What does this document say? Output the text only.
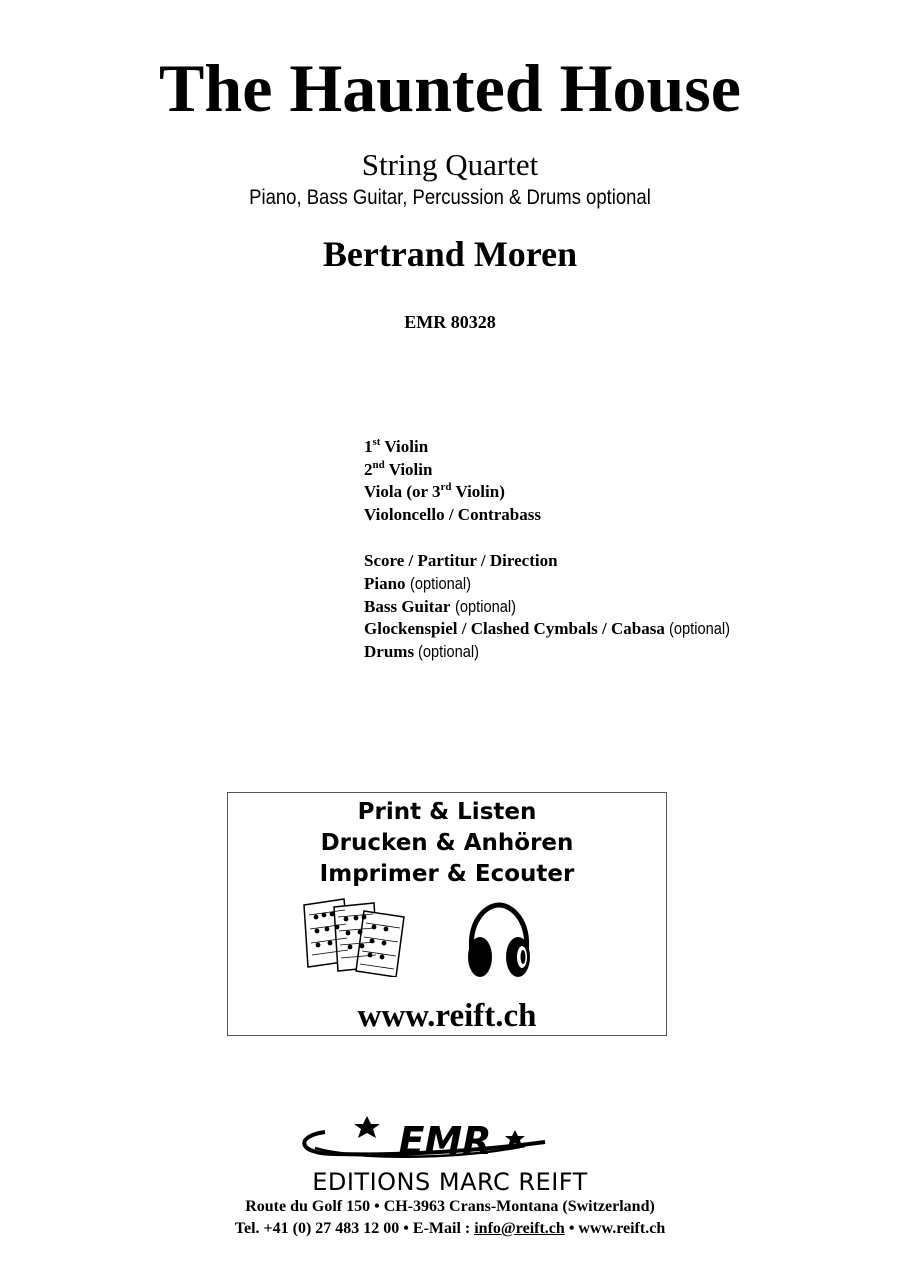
The Haunted House
String Quartet
Piano, Bass Guitar, Percussion & Drums optional
Bertrand Moren
EMR 80328
1st Violin
2nd Violin
Viola (or 3rd Violin)
Violoncello / Contrabass
Score / Partitur / Direction
Piano (optional)
Bass Guitar (optional)
Glockenspiel / Clashed Cymbals / Cabasa (optional)
Drums (optional)
Print & Listen
Drucken & Anhören
Imprimer & Ecouter
www.reift.ch
EMR
EDITIONS MARC REIFT
Route du Golf 150 • CH-3963 Crans-Montana (Switzerland)
Tel. +41 (0) 27 483 12 00 • E-Mail : info@reift.ch • www.reift.ch
